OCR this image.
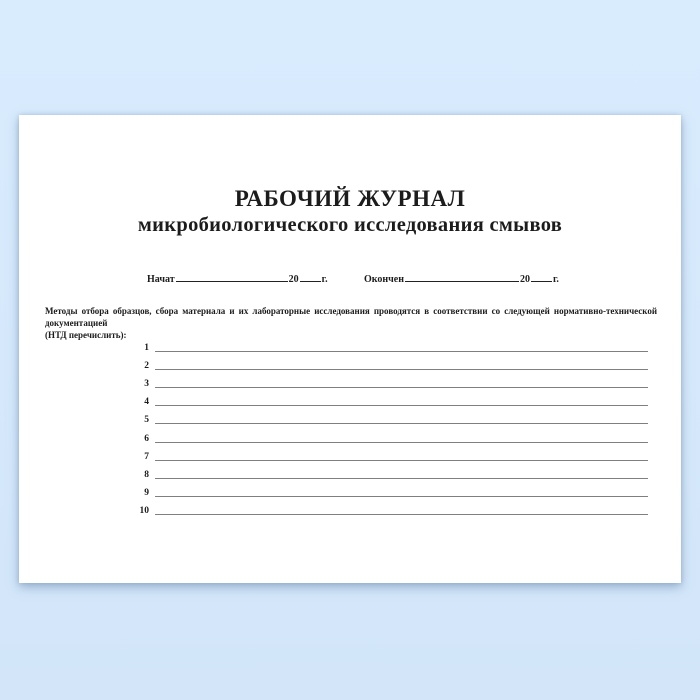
РАБОЧИЙ ЖУРНАЛ
микробиологического исследования смывов
Начат	20 г.	Окончен	20 г.
Методы отбора образцов, сбора материала и их лабораторные исследования проводятся в соответствии со следующей нормативно-технической документацией
(НТД перечислить):
1
2
3
4
5
6
7
8
9
10
